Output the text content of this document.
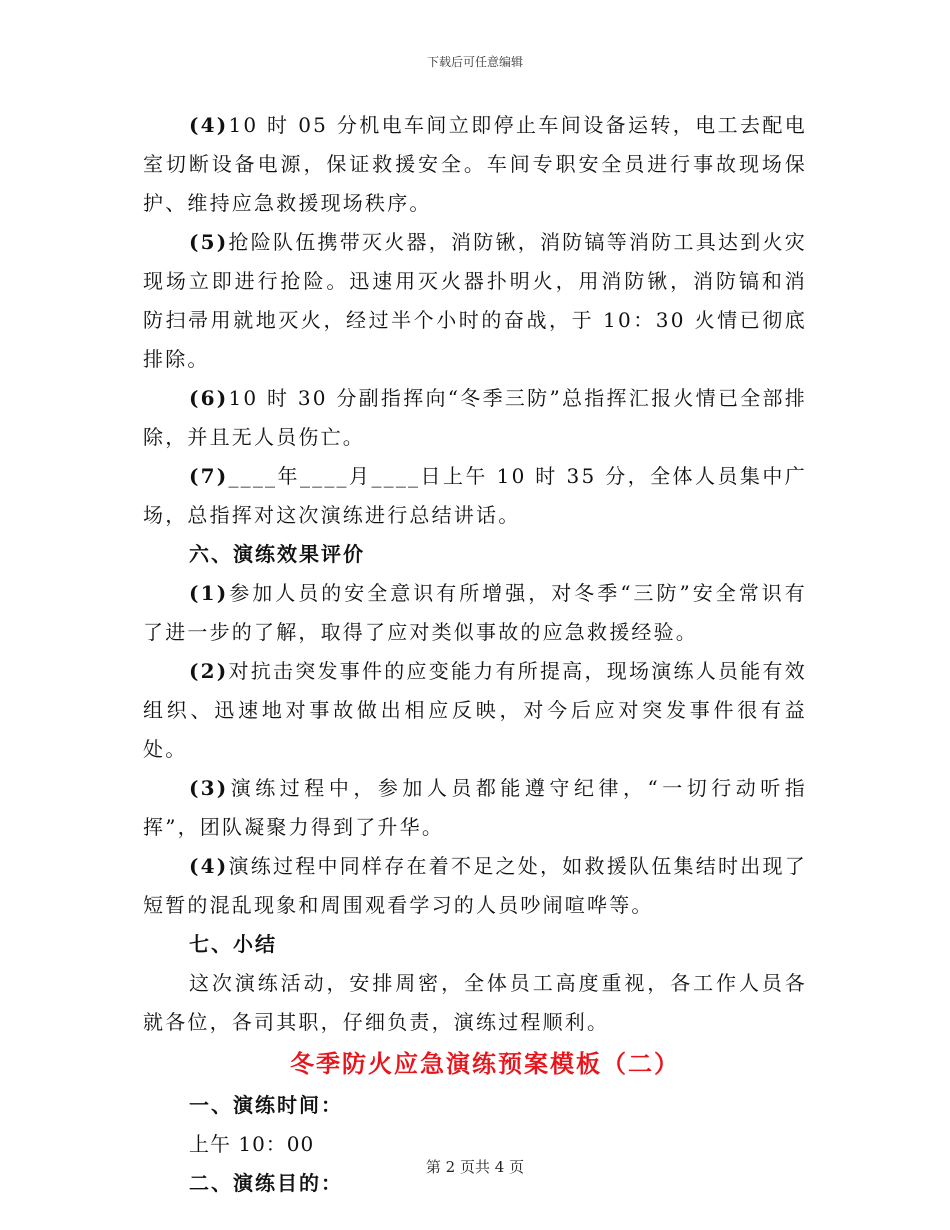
下载后可任意编辑

(4)10 时 05 分机电车间立即停止车间设备运转，电工去配电室切断设备电源，保证救援安全。车间专职安全员进行事故现场保护、维持应急救援现场秩序。

(5)抢险队伍携带灭火器，消防锹，消防镐等消防工具达到火灾现场立即进行抢险。迅速用灭火器扑明火，用消防锹，消防镐和消防扫帚用就地灭火，经过半个小时的奋战，于 10：30 火情已彻底排除。

(6)10 时 30 分副指挥向“冬季三防”总指挥汇报火情已全部排除，并且无人员伤亡。

(7)____年____月____日上午 10 时 35 分，全体人员集中广场，总指挥对这次演练进行总结讲话。

六、演练效果评价

(1)参加人员的安全意识有所增强，对冬季“三防”安全常识有了进一步的了解，取得了应对类似事故的应急救援经验。

(2)对抗击突发事件的应变能力有所提高，现场演练人员能有效组织、迅速地对事故做出相应反映，对今后应对突发事件很有益处。

(3)演练过程中，参加人员都能遵守纪律，“一切行动听指挥”，团队凝聚力得到了升华。

(4)演练过程中同样存在着不足之处，如救援队伍集结时出现了短暂的混乱现象和周围观看学习的人员吵闹喧哗等。

七、小结

这次演练活动，安排周密，全体员工高度重视，各工作人员各就各位，各司其职，仔细负责，演练过程顺利。

冬季防火应急演练预案模板（二）

一、演练时间：

上午 10：00

二、演练目的：

第 2 页共 4 页
